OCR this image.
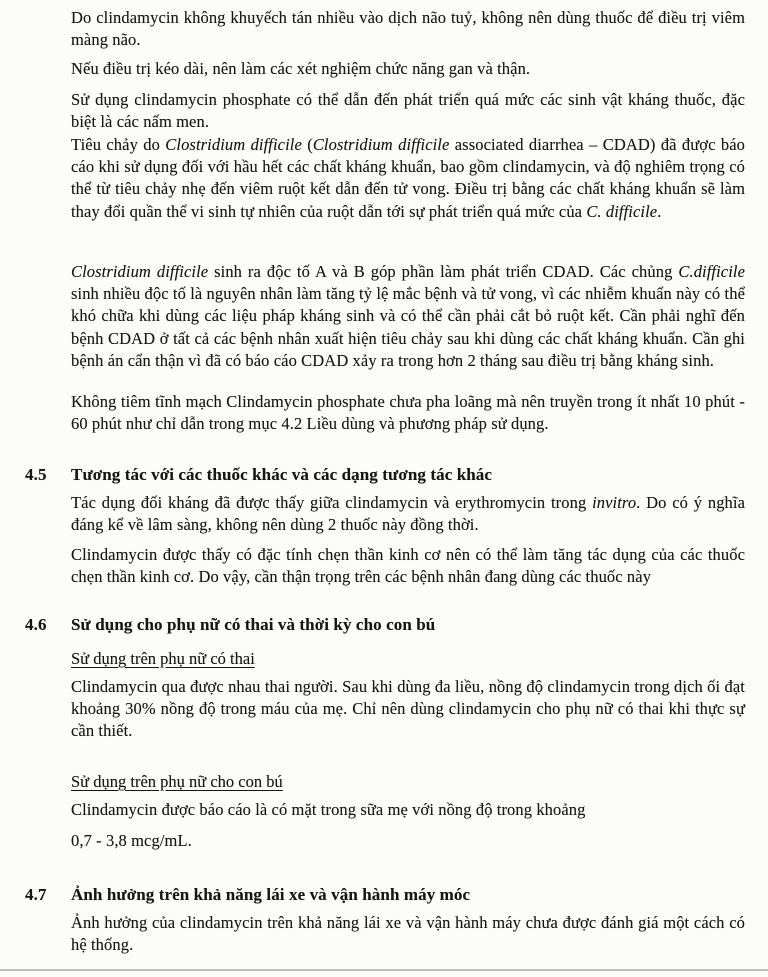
Do clindamycin không khuyếch tán nhiều vào dịch não tuỷ, không nên dùng thuốc để điều trị viêm màng não.

Nếu điều trị kéo dài, nên làm các xét nghiệm chức năng gan và thận.

Sử dụng clindamycin phosphate có thể dẫn đến phát triển quá mức các sinh vật kháng thuốc, đặc biệt là các nấm men.

Tiêu chảy do Clostridium difficile (Clostridium difficile associated diarrhea – CDAD) đã được báo cáo khi sử dụng đối với hầu hết các chất kháng khuẩn, bao gồm clindamycin, và độ nghiêm trọng có thể từ tiêu chảy nhẹ đến viêm ruột kết dẫn đến tử vong. Điều trị bằng các chất kháng khuẩn sẽ làm thay đổi quần thể vi sinh tự nhiên của ruột dẫn tới sự phát triển quá mức của C. difficile.

Clostridium difficile sinh ra độc tố A và B góp phần làm phát triển CDAD. Các chủng C.difficile sinh nhiều độc tố là nguyên nhân làm tăng tỷ lệ mắc bệnh và tử vong, vì các nhiễm khuẩn này có thể khó chữa khi dùng các liệu pháp kháng sinh và có thể cần phải cắt bỏ ruột kết. Cần phải nghĩ đến bệnh CDAD ở tất cả các bệnh nhân xuất hiện tiêu chảy sau khi dùng các chất kháng khuẩn. Cần ghi bệnh án cẩn thận vì đã có báo cáo CDAD xảy ra trong hơn 2 tháng sau điều trị bằng kháng sinh.

Không tiêm tĩnh mạch Clindamycin phosphate chưa pha loãng mà nên truyền trong ít nhất 10 phút - 60 phút như chỉ dẫn trong mục 4.2 Liều dùng và phương pháp sử dụng.

4.5 Tương tác với các thuốc khác và các dạng tương tác khác

Tác dụng đối kháng đã được thấy giữa clindamycin và erythromycin trong invitro. Do có ý nghĩa đáng kể về lâm sàng, không nên dùng 2 thuốc này đồng thời.

Clindamycin được thấy có đặc tính chẹn thần kinh cơ nên có thể làm tăng tác dụng của các thuốc chẹn thần kinh cơ. Do vậy, cần thận trọng trên các bệnh nhân đang dùng các thuốc này

4.6 Sử dụng cho phụ nữ có thai và thời kỳ cho con bú

Sử dụng trên phụ nữ có thai

Clindamycin qua được nhau thai người. Sau khi dùng đa liều, nồng độ clindamycin trong dịch ối đạt khoảng 30% nồng độ trong máu của mẹ. Chỉ nên dùng clindamycin cho phụ nữ có thai khi thực sự cần thiết.

Sử dụng trên phụ nữ cho con bú

Clindamycin được báo cáo là có mặt trong sữa mẹ với nồng độ trong khoảng

0,7 - 3,8 mcg/mL.

4.7 Ảnh hưởng trên khả năng lái xe và vận hành máy móc

Ảnh hưởng của clindamycin trên khả năng lái xe và vận hành máy chưa được đánh giá một cách có hệ thống.
